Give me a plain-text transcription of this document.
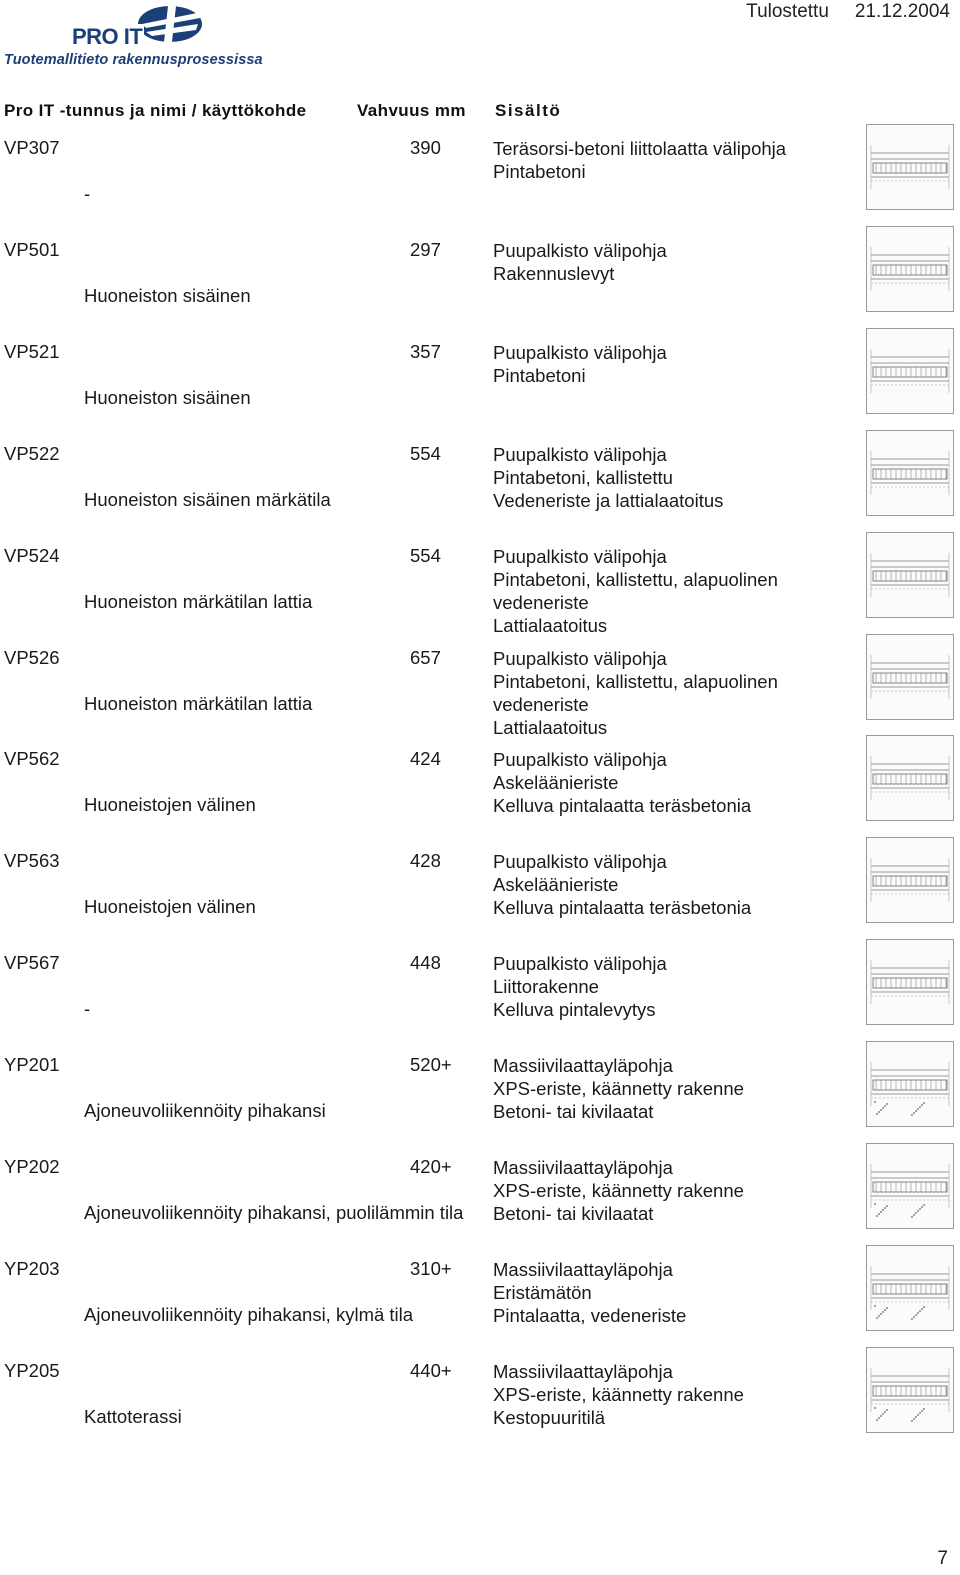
PRO IT
Tuotemallitieto rakennusprosessissa
Tulostettu 21.12.2004
Pro IT -tunnus ja nimi / käyttökohde	Vahvuus mm Sisältö
VP307
-
390	Teräsorsi-betoni liittolaatta välipohja
Pintabetoni
VP501
Huoneiston sisäinen
297	Puupalkisto välipohja
Rakennuslevyt
VP521
Huoneiston sisäinen
357	Puupalkisto välipohja
Pintabetoni
VP522
Huoneiston sisäinen märkätila
554	Puupalkisto välipohja
Pintabetoni, kallistettu
Vedeneriste ja lattialaatoitus
VP524
Huoneiston märkätilan lattia
554	Puupalkisto välipohja
Pintabetoni, kallistettu, alapuolinen
vedeneriste
Lattialaatoitus
VP526
Huoneiston märkätilan lattia
657	Puupalkisto välipohja
Pintabetoni, kallistettu, alapuolinen
vedeneriste
Lattialaatoitus
VP562
Huoneistojen välinen
424	Puupalkisto välipohja
Askeläänieriste
Kelluva pintalaatta teräsbetonia
VP563
Huoneistojen välinen
428	Puupalkisto välipohja
Askeläänieriste
Kelluva pintalaatta teräsbetonia
VP567
-
448	Puupalkisto välipohja
Liittorakenne
Kelluva pintalevytys
YP201
Ajoneuvoliikennöity pihakansi
520+ Massiivilaattayläpohja
XPS-eriste, käännetty rakenne
Betoni- tai kivilaatat
YP202
Ajoneuvoliikennöity pihakansi, puolilämmin tila
420+ Massiivilaattayläpohja
XPS-eriste, käännetty rakenne
Betoni- tai kivilaatat
YP203
Ajoneuvoliikennöity pihakansi, kylmä tila
310+ Massiivilaattayläpohja
Eristämätön
Pintalaatta, vedeneriste
YP205
Kattoterassi
440+ Massiivilaattayläpohja
XPS-eriste, käännetty rakenne
Kestopuuritilä
7
